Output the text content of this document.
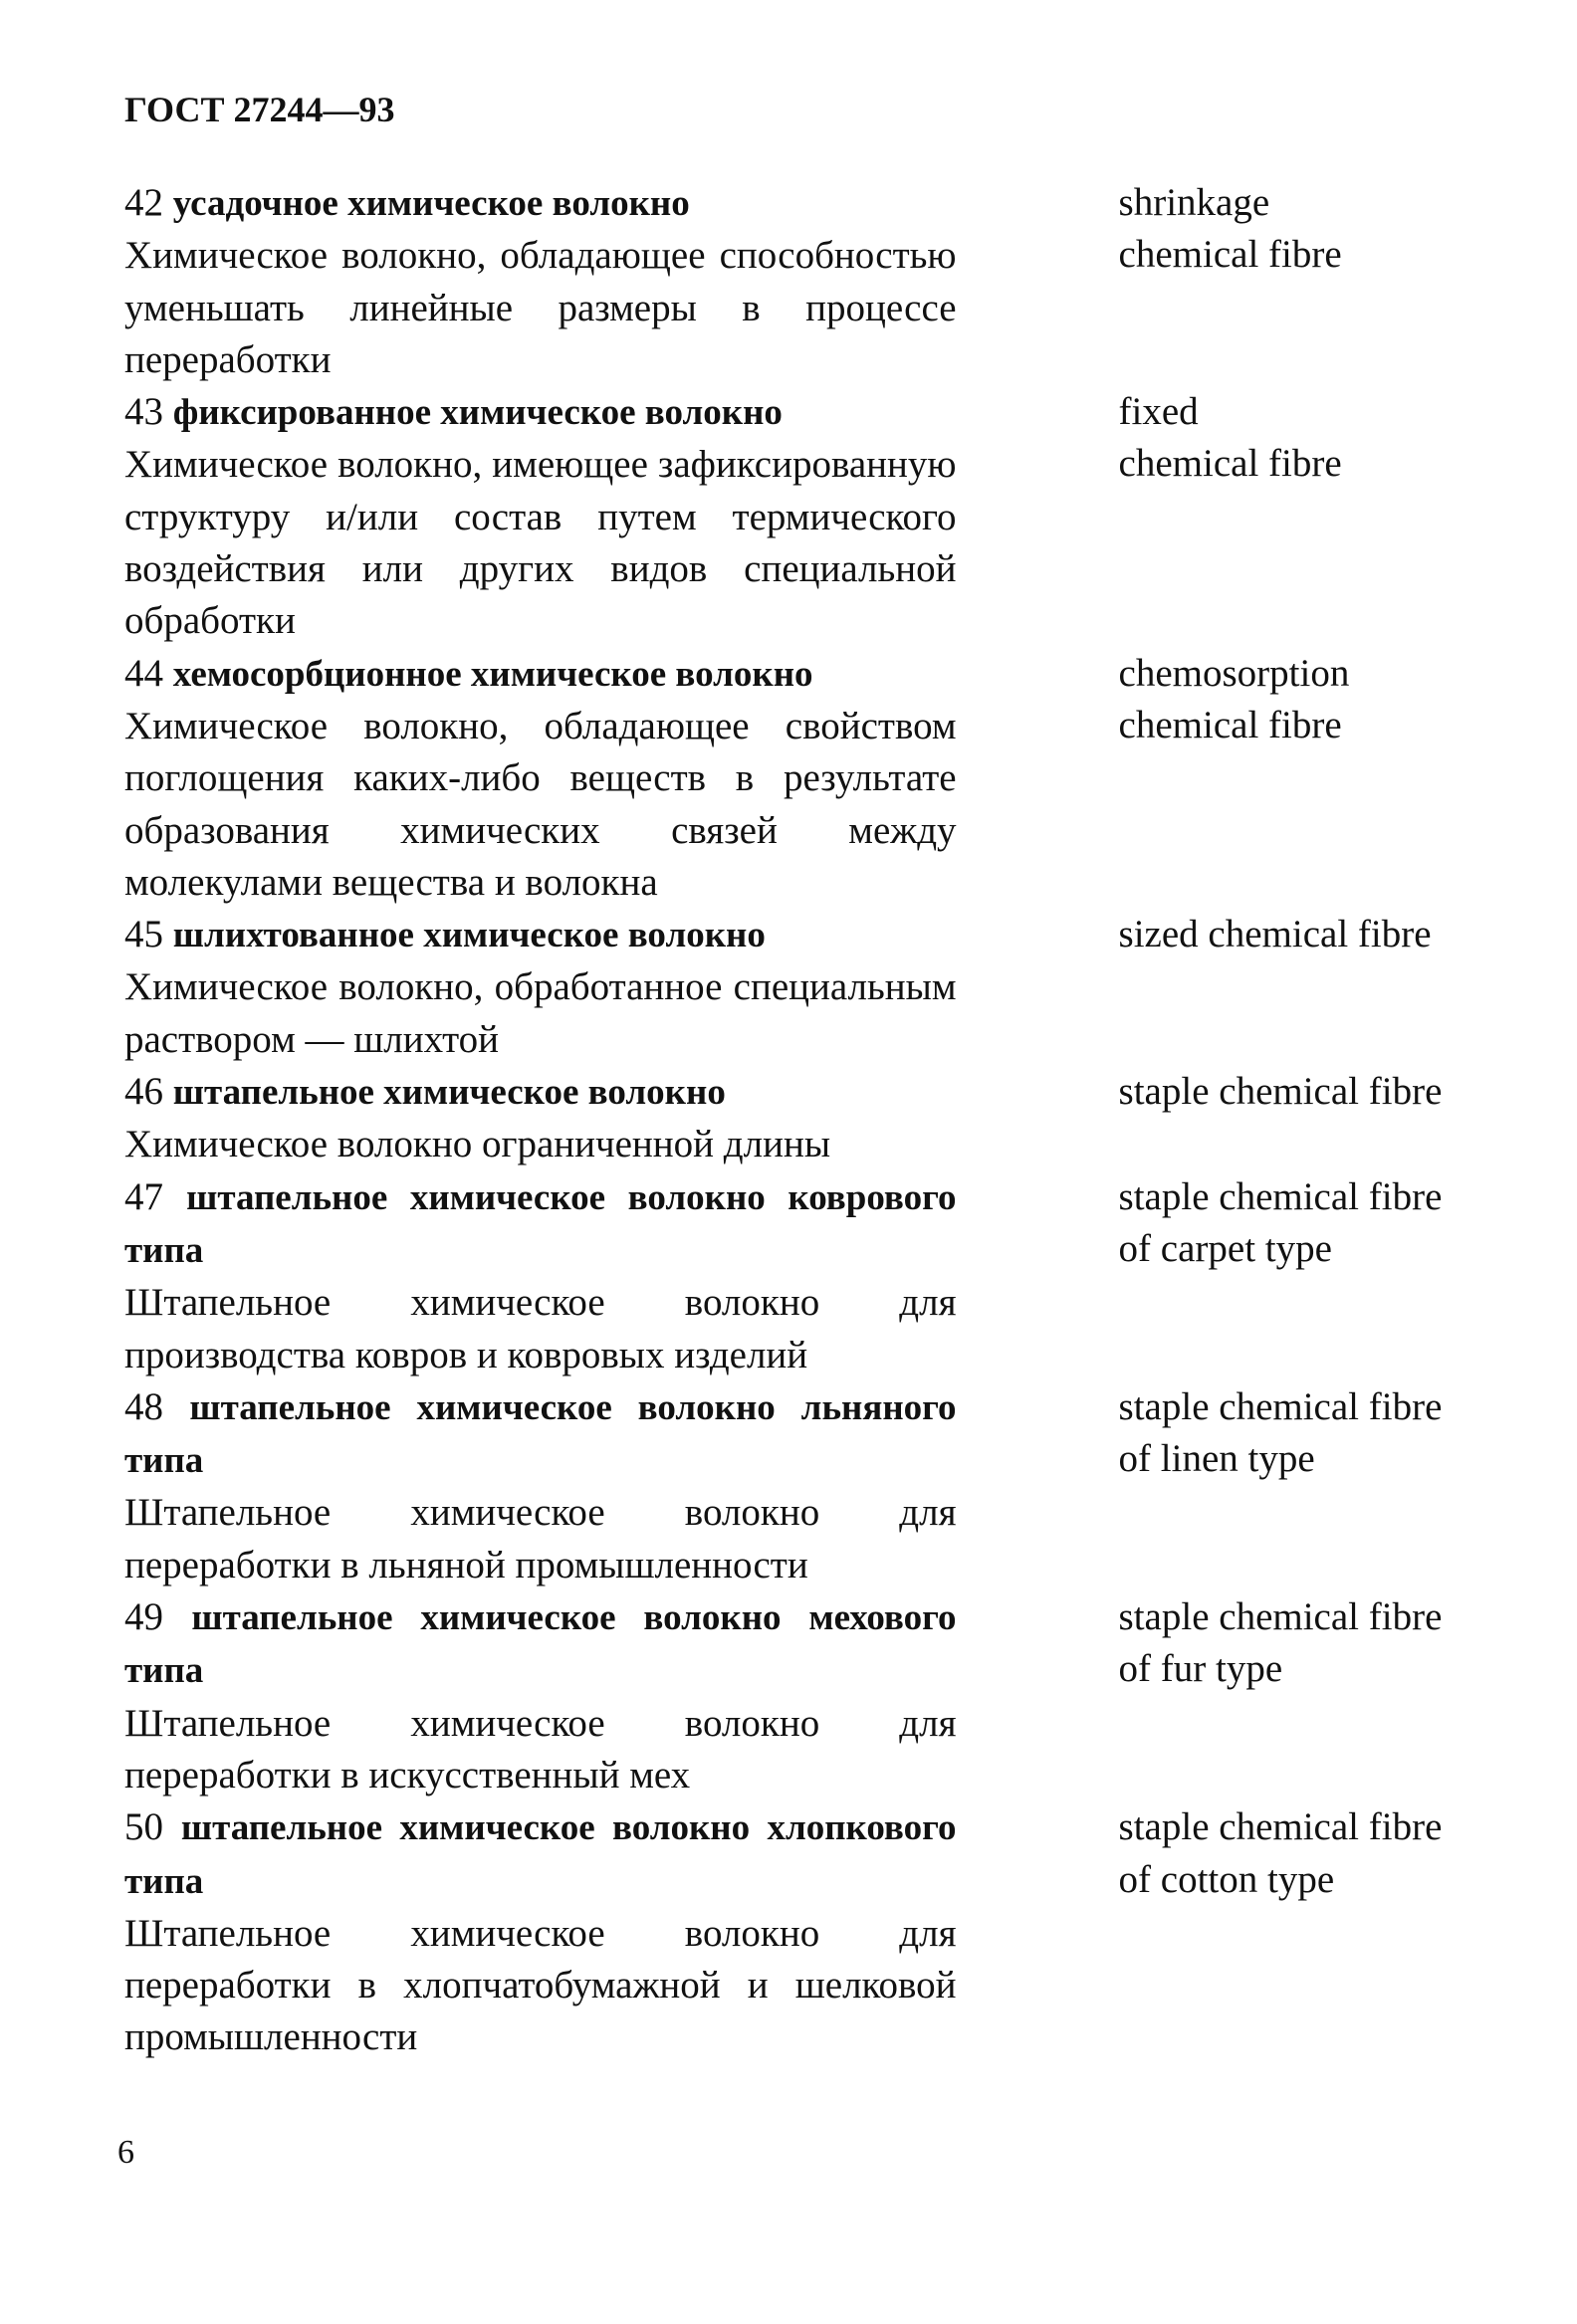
ГОСТ 27244—93
42 усадочное химическое волокно
Химическое волокно, обладающее способностью уменьшать линейные размеры в процессе переработки
shrinkage
chemical fibre
43 фиксированное химическое волокно
Химическое волокно, имеющее зафиксированную структуру и/или состав путем термического воздействия или других видов специальной обработки
fixed
chemical fibre
44 хемосорбционное химическое волокно
Химическое волокно, обладающее свойством поглощения каких-либо веществ в результате образования химических связей между молекулами вещества и волокна
chemosorption
chemical fibre
45 шлихтованное химическое волокно
Химическое волокно, обработанное специальным раствором — шлихтой
sized chemical fibre
46 штапельное химическое волокно
Химическое волокно ограниченной длины
staple chemical fibre
47 штапельное химическое волокно коврового типа
Штапельное химическое волокно для производства ковров и ковровых изделий
staple chemical fibre
of carpet type
48 штапельное химическое волокно льняного типа
Штапельное химическое волокно для переработки в льняной промышленности
staple chemical fibre
of linen type
49 штапельное химическое волокно мехового типа
Штапельное химическое волокно для переработки в искусственный мех
staple chemical fibre
of fur type
50 штапельное химическое волокно хлопкового типа
Штапельное химическое волокно для переработки в хлопчатобумажной и шелковой промышленности
staple chemical fibre
of cotton type
6
